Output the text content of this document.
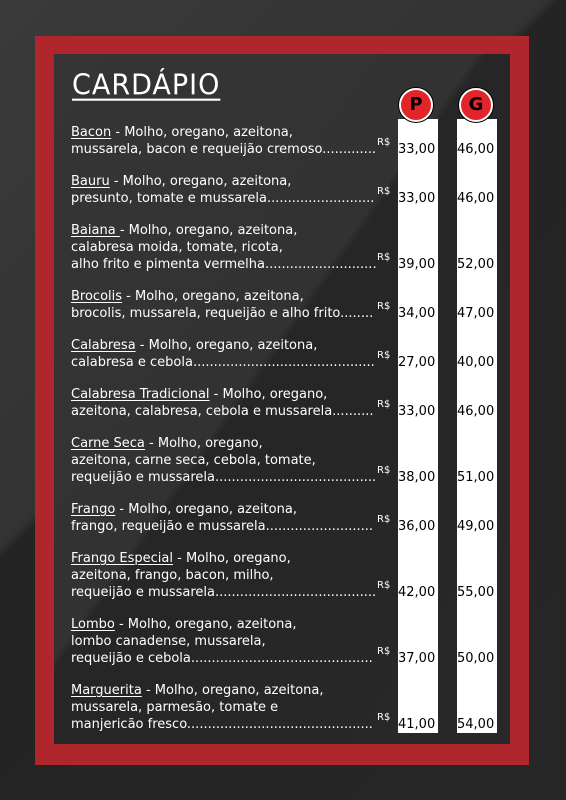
CARDÁPIO
P	G
Bacon - Molho, oregano, azeitona,
mussarela, bacon e requeijão cremoso............. R$ 33,00 46,00
Bauru - Molho, oregano, azeitona,
presunto, tomate e mussarela.......................... R$ 33,00 46,00
Baiana - Molho, oregano, azeitona,
calabresa moida, tomate, ricota,
alho frito e pimenta vermelha........................... R$ 39,00 52,00
Brocolis - Molho, oregano, azeitona,
brocolis, mussarela, requeijão e alho frito........ R$ 34,00 47,00
Calabresa - Molho, oregano, azeitona,
calabresa e cebola............................................ R$ 27,00 40,00
Calabresa Tradicional - Molho, oregano,
azeitona, calabresa, cebola e mussarela.......... R$ 33,00 46,00
Carne Seca - Molho, oregano,
azeitona, carne seca, cebola, tomate,
requeijão e mussarela....................................... R$ 38,00 51,00
Frango - Molho, oregano, azeitona,
frango, requeijão e mussarela.......................... R$ 36,00 49,00
Frango Especial - Molho, oregano,
azeitona, frango, bacon, milho,
requeijão e mussarela....................................... R$ 42,00 55,00
Lombo - Molho, oregano, azeitona,
lombo canadense, mussarela,
requeijão e cebola............................................ R$ 37,00 50,00
Marguerita - Molho, oregano, azeitona,
mussarela, parmesão, tomate e
manjericão fresco............................................. R$ 41,00 54,00
